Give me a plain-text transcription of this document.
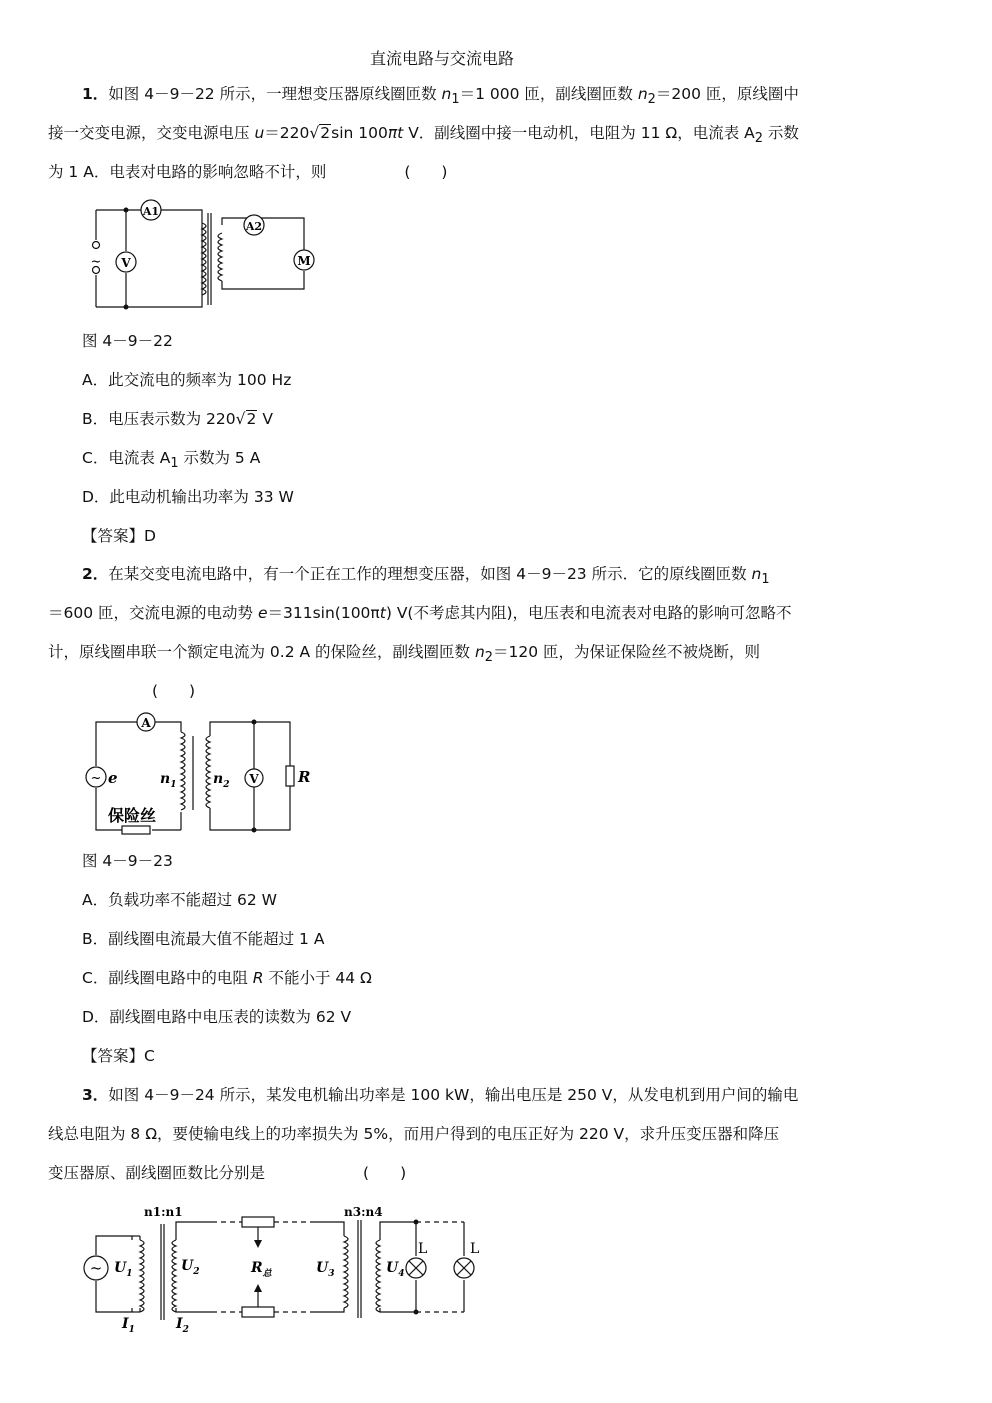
直流电路与交流电路
1．如图 4－9－22 所示，一理想变压器原线圈匝数 $n_1=1$ 000 匝，副线圈匝数 $n_2=200$ 匝，原线圈中
接一交变电源，交变电源电压 u＝220√2sin 100πt V．副线圈中接一电动机，电阻为 11 Ω，电流表 $A_2$ 示数
为 1 A．电表对电路的影响忽略不计，则	(　　)
~ V
A1
A2
M
图 4－9－22
A．此交流电的频率为 100 Hz
B．电压表示数为 220√2 V
C．电流表 $A_1$ 示数为 5 A
D．此电动机输出功率为 33 W
【答案】D
2．在某交变电流电路中，有一个正在工作的理想变压器，如图 4－9－23 所示．它的原线圈匝数 $n_1$
＝600 匝，交流电源的电动势 e＝311sin(100πt) V(不考虑其内阻)，电压表和电流表对电路的影响可忽略不
计，原线圈串联一个额定电流为 0.2 A 的保险丝，副线圈匝数 $n_2=120$ 匝，为保证保险丝不被烧断，则
(　　)
~ e
A
$n_1$	$n_2$ V	R
保险丝
图 4－9－23
A．负载功率不能超过 62 W
B．副线圈电流最大值不能超过 1 A
C．副线圈电路中的电阻 R 不能小于 44 Ω
D．副线圈电路中电压表的读数为 62 V
【答案】C
3．如图 4－9－24 所示，某发电机输出功率是 100 kW，输出电压是 250 V，从发电机到用户间的输电
线总电阻为 8 Ω，要使输电线上的功率损失为 5%，而用户得到的电压正好为 220 V，求升压变压器和降压
变压器原、副线圈匝数比分别是	(　　)
~
n1:n1	n3:n4
$U_1$	$U_2$	$R_总$	$U_3$	$U_4$
L	L
$I_1$	$I_2$
